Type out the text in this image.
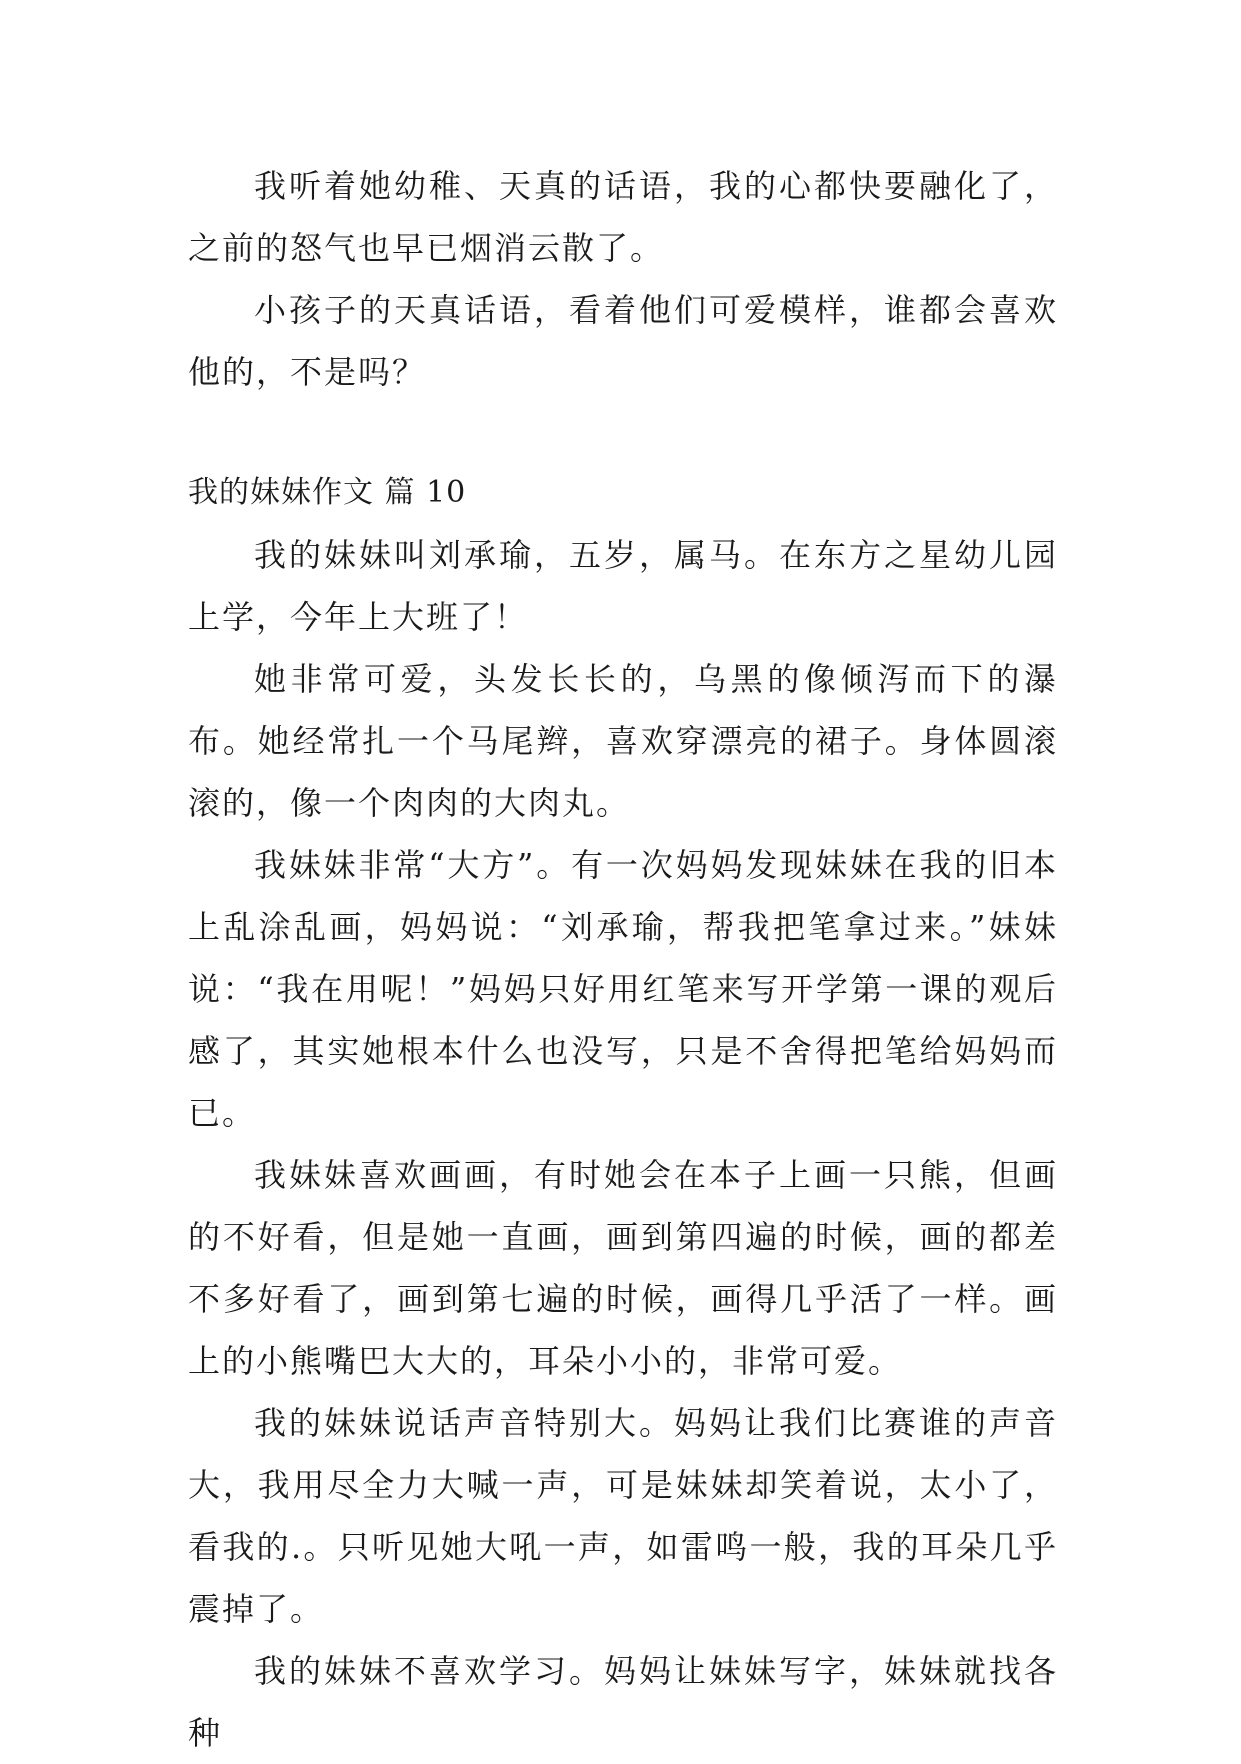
我听着她幼稚、天真的话语，我的心都快要融化了，之前的怒气也早已烟消云散了。

小孩子的天真话语，看着他们可爱模样，谁都会喜欢他的，不是吗？

我的妹妹作文 篇 10

我的妹妹叫刘承瑜，五岁，属马。在东方之星幼儿园上学，今年上大班了！

她非常可爱，头发长长的，乌黑的像倾泻而下的瀑布。她经常扎一个马尾辫，喜欢穿漂亮的裙子。身体圆滚滚的，像一个肉肉的大肉丸。

我妹妹非常“大方”。有一次妈妈发现妹妹在我的旧本上乱涂乱画，妈妈说：“刘承瑜，帮我把笔拿过来。”妹妹说：“我在用呢！”妈妈只好用红笔来写开学第一课的观后感了，其实她根本什么也没写，只是不舍得把笔给妈妈而已。

我妹妹喜欢画画，有时她会在本子上画一只熊，但画的不好看，但是她一直画，画到第四遍的时候，画的都差不多好看了，画到第七遍的时候，画得几乎活了一样。画上的小熊嘴巴大大的，耳朵小小的，非常可爱。

我的妹妹说话声音特别大。妈妈让我们比赛谁的声音大，我用尽全力大喊一声，可是妹妹却笑着说，太小了，看我的.。只听见她大吼一声，如雷鸣一般，我的耳朵几乎震掉了。

我的妹妹不喜欢学习。妈妈让妹妹写字，妹妹就找各种
